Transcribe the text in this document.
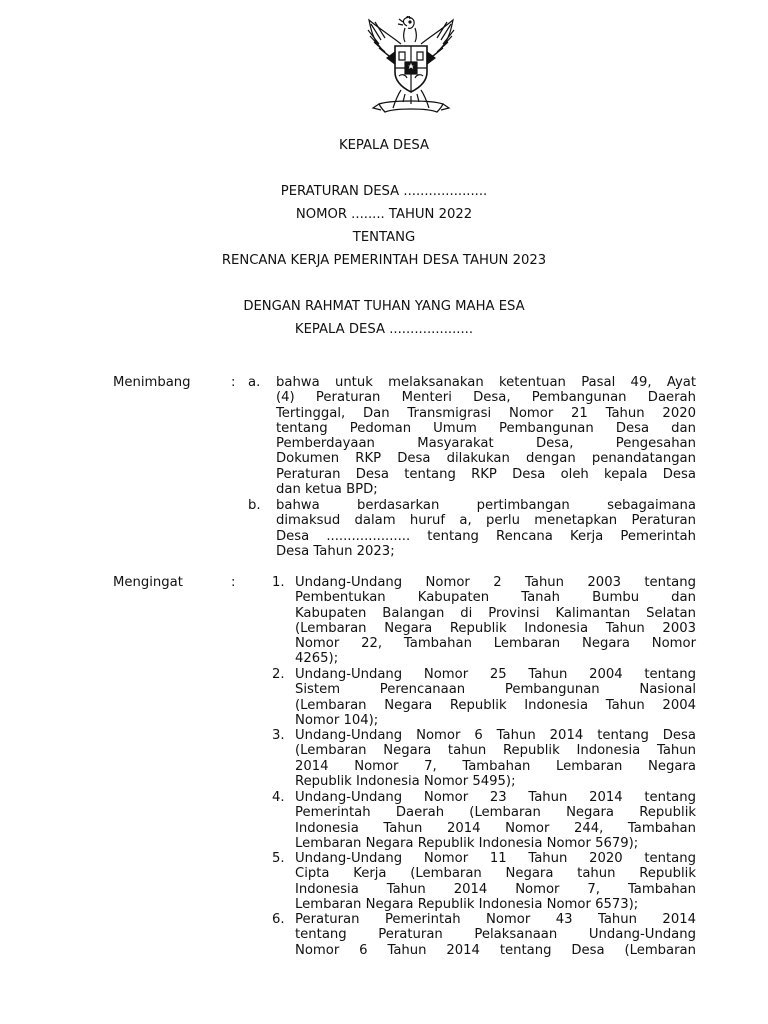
KEPALA DESA
PERATURAN DESA ....................
NOMOR ........ TAHUN 2022
TENTANG
RENCANA KERJA PEMERINTAH DESA TAHUN 2023
DENGAN RAHMAT TUHAN YANG MAHA ESA
KEPALA DESA ....................
Menimbang	: a. bahwa untuk melaksanakan ketentuan Pasal 49, Ayat
(4) Peraturan Menteri Desa, Pembangunan Daerah
Tertinggal, Dan Transmigrasi Nomor 21 Tahun 2020
tentang Pedoman Umum Pembangunan Desa dan
Pemberdayaan Masyarakat Desa, Pengesahan
Dokumen RKP Desa dilakukan dengan penandatangan
Peraturan Desa tentang RKP Desa oleh kepala Desa
dan ketua BPD;
b. bahwa berdasarkan pertimbangan sebagaimana
dimaksud dalam huruf a, perlu menetapkan Peraturan
Desa .................... tentang Rencana Kerja Pemerintah
Desa Tahun 2023;
Mengingat	:	1. Undang-Undang Nomor 2 Tahun 2003 tentang
Pembentukan Kabupaten Tanah Bumbu dan
Kabupaten Balangan di Provinsi Kalimantan Selatan
(Lembaran Negara Republik Indonesia Tahun 2003
Nomor 22, Tambahan Lembaran Negara Nomor
4265);
2. Undang-Undang Nomor 25 Tahun 2004 tentang
Sistem Perencanaan Pembangunan Nasional
(Lembaran Negara Republik Indonesia Tahun 2004
Nomor 104);
3. Undang-Undang Nomor 6 Tahun 2014 tentang Desa
(Lembaran Negara tahun Republik Indonesia Tahun
2014 Nomor 7, Tambahan Lembaran Negara
Republik Indonesia Nomor 5495);
4. Undang-Undang Nomor 23 Tahun 2014 tentang
Pemerintah Daerah (Lembaran Negara Republik
Indonesia Tahun 2014 Nomor 244, Tambahan
Lembaran Negara Republik Indonesia Nomor 5679);
5. Undang-Undang Nomor 11 Tahun 2020 tentang
Cipta Kerja (Lembaran Negara tahun Republik
Indonesia Tahun 2014 Nomor 7, Tambahan
Lembaran Negara Republik Indonesia Nomor 6573);
6. Peraturan Pemerintah Nomor 43 Tahun 2014
tentang Peraturan Pelaksanaan Undang-Undang
Nomor 6 Tahun 2014 tentang Desa (Lembaran
